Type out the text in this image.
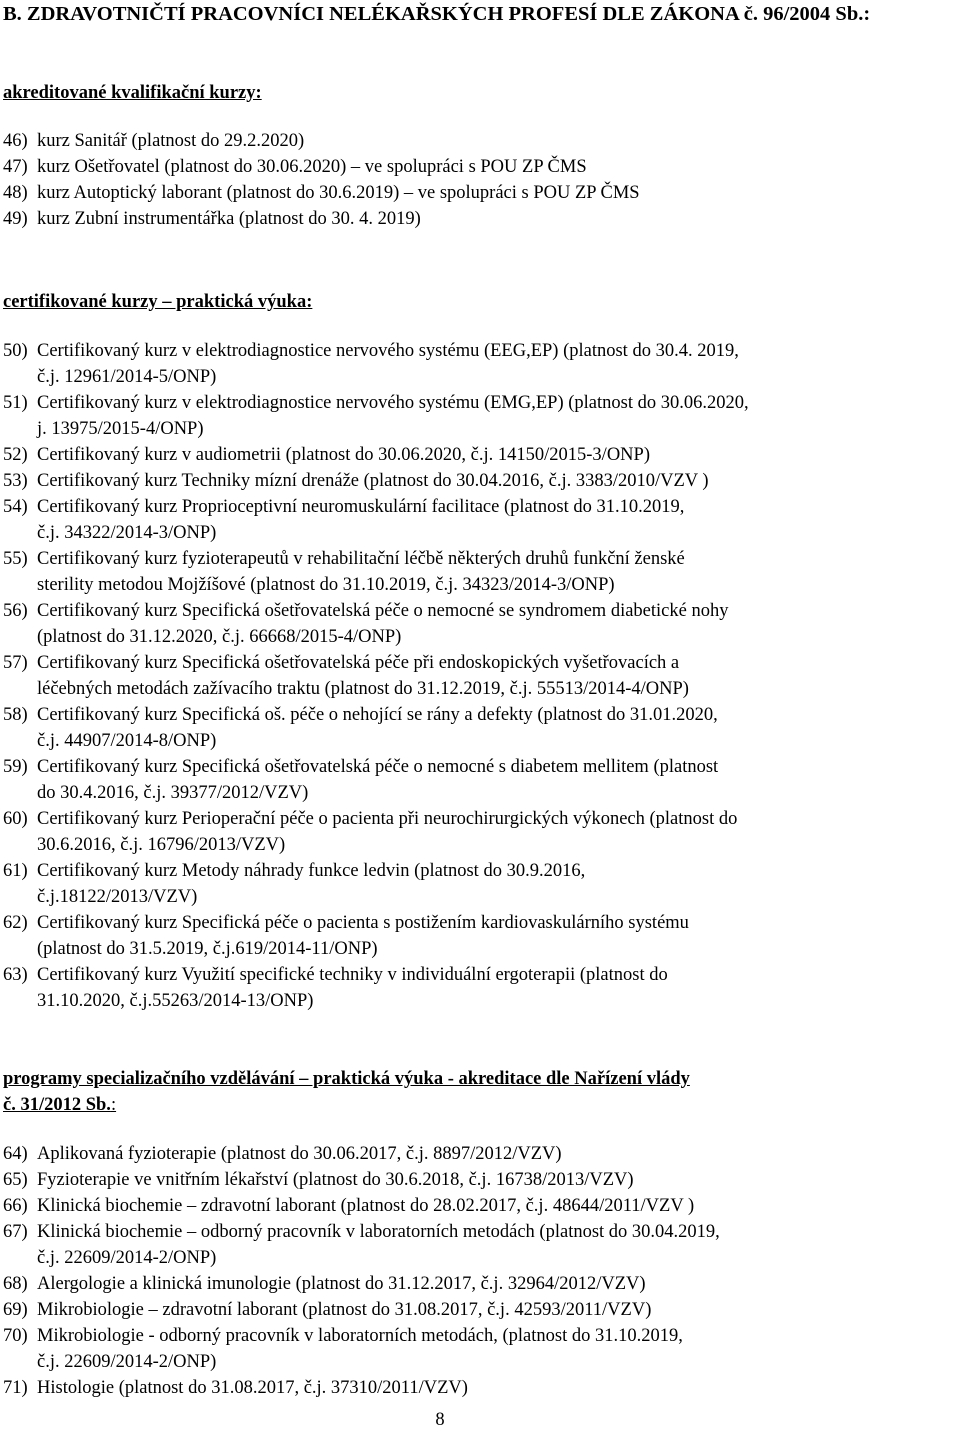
B. ZDRAVOTNIČTÍ PRACOVNÍCI NELÉKAŘSKÝCH PROFESÍ DLE ZÁKONA č. 96/2004 Sb.:
akreditované kvalifikační kurzy:
46) kurz Sanitář (platnost do 29.2.2020)
47) kurz Ošetřovatel (platnost do 30.06.2020) – ve spolupráci s POU ZP ČMS
48) kurz Autoptický laborant (platnost do 30.6.2019) – ve spolupráci s POU ZP ČMS
49) kurz Zubní instrumentářka (platnost do 30. 4. 2019)
certifikované kurzy – praktická výuka:
50) Certifikovaný kurz v elektrodiagnostice nervového systému (EEG,EP) (platnost do 30.4. 2019,
č.j. 12961/2014-5/ONP)
51) Certifikovaný kurz v elektrodiagnostice nervového systému (EMG,EP) (platnost do 30.06.2020,
j. 13975/2015-4/ONP)
52) Certifikovaný kurz v audiometrii (platnost do 30.06.2020, č.j. 14150/2015-3/ONP)
53) Certifikovaný kurz Techniky mízní drenáže (platnost do 30.04.2016, č.j. 3383/2010/VZV )
54) Certifikovaný kurz Proprioceptivní neuromuskulární facilitace (platnost do 31.10.2019,
č.j. 34322/2014-3/ONP)
55) Certifikovaný kurz fyzioterapeutů v rehabilitační léčbě některých druhů funkční ženské
sterility metodou Mojžíšové (platnost do 31.10.2019, č.j. 34323/2014-3/ONP)
56) Certifikovaný kurz Specifická ošetřovatelská péče o nemocné se syndromem diabetické nohy
(platnost do 31.12.2020, č.j. 66668/2015-4/ONP)
57) Certifikovaný kurz Specifická ošetřovatelská péče při endoskopických vyšetřovacích a
léčebných metodách zažívacího traktu (platnost do 31.12.2019, č.j. 55513/2014-4/ONP)
58) Certifikovaný kurz Specifická oš. péče o nehojící se rány a defekty (platnost do 31.01.2020,
č.j. 44907/2014-8/ONP)
59) Certifikovaný kurz Specifická ošetřovatelská péče o nemocné s diabetem mellitem (platnost
do 30.4.2016, č.j. 39377/2012/VZV)
60) Certifikovaný kurz Perioperační péče o pacienta při neurochirurgických výkonech (platnost do
30.6.2016, č.j. 16796/2013/VZV)
61) Certifikovaný kurz Metody náhrady funkce ledvin (platnost do 30.9.2016,
č.j.18122/2013/VZV)
62) Certifikovaný kurz Specifická péče o pacienta s postižením kardiovaskulárního systému
(platnost do 31.5.2019, č.j.619/2014-11/ONP)
63) Certifikovaný kurz Využití specifické techniky v individuální ergoterapii (platnost do
31.10.2020, č.j.55263/2014-13/ONP)
programy specializačního vzdělávání – praktická výuka - akreditace dle Nařízení vlády
č. 31/2012 Sb.:
64) Aplikovaná fyzioterapie (platnost do 30.06.2017, č.j. 8897/2012/VZV)
65) Fyzioterapie ve vnitřním lékařství (platnost do 30.6.2018, č.j. 16738/2013/VZV)
66) Klinická biochemie – zdravotní laborant (platnost do 28.02.2017, č.j. 48644/2011/VZV )
67) Klinická biochemie – odborný pracovník v laboratorních metodách (platnost do 30.04.2019,
č.j. 22609/2014-2/ONP)
68) Alergologie a klinická imunologie (platnost do 31.12.2017, č.j. 32964/2012/VZV)
69) Mikrobiologie – zdravotní laborant (platnost do 31.08.2017, č.j. 42593/2011/VZV)
70) Mikrobiologie - odborný pracovník v laboratorních metodách, (platnost do 31.10.2019,
č.j. 22609/2014-2/ONP)
71) Histologie (platnost do 31.08.2017, č.j. 37310/2011/VZV)
8
